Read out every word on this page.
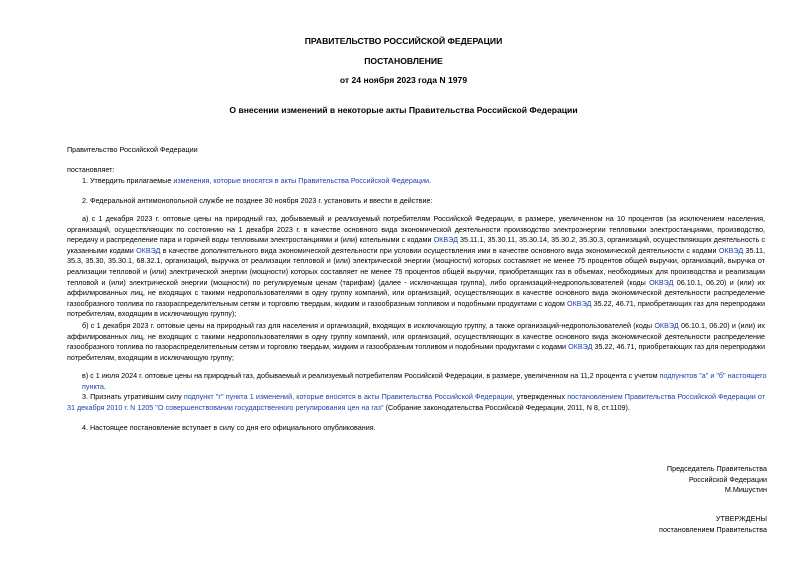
ПРАВИТЕЛЬСТВО РОССИЙСКОЙ ФЕДЕРАЦИИ
ПОСТАНОВЛЕНИЕ
от 24 ноября 2023 года N 1979
О внесении изменений в некоторые акты Правительства Российской Федерации
Правительство Российской Федерации
постановляет:
1. Утвердить прилагаемые изменения, которые вносятся в акты Правительства Российской Федерации.
2. Федеральной антимонопольной службе не позднее 30 ноября 2023 г. установить и ввести в действие:
а) с 1 декабря 2023 г. оптовые цены на природный газ, добываемый и реализуемый потребителям Российской Федерации, в размере, увеличенном на 10 процентов (за исключением населения, организаций, осуществляющих по состоянию на 1 декабря 2023 г. в качестве основного вида экономической деятельности производство электроэнергии тепловыми электростанциями, производство, передачу и распределение пара и горячей воды тепловыми электростанциями и (или) котельными с кодами ОКВЭД 35.11.1, 35.30.11, 35.30.14, 35.30.2, 35.30.3, организаций, осуществляющих деятельность с указанными кодами ОКВЭД в качестве дополнительного вида экономической деятельности при условии осуществления ими в качестве основного вида экономической деятельности с кодами ОКВЭД 35.11, 35.3, 35.30, 35.30.1, 68.32.1, организаций, выручка от реализации тепловой и (или) электрической энергии (мощности) которых составляет не менее 75 процентов общей выручки, организаций, выручка от реализации тепловой и (или) электрической энергии (мощности) которых составляет не менее 75 процентов общей выручки, приобретающих газ в объемах, необходимых для производства и реализации тепловой и (или) электрической энергии (мощности) по регулируемым ценам (тарифам) (далее - исключающая группа), либо организаций-недропользователей (коды ОКВЭД 06.10.1, 06.20) и (или) их аффилированных лиц, не входящих с такими недропользователями в одну группу компаний, или организаций, осуществляющих в качестве основного вида экономической деятельности распределение газообразного топлива по газораспределительным сетям и торговлю твердым, жидким и газообразным топливом и подобными продуктами с кодом ОКВЭД 35.22, 46.71, приобретающих газ для перепродажи потребителям, входящим в исключающую группу);
б) с 1 декабря 2023 г. оптовые цены на природный газ для населения и организаций, входящих в исключающую группу, а также организаций-недропользователей (коды ОКВЭД 06.10.1, 06.20) и (или) их аффилированных лиц, не входящих с такими недропользователями в одну группу компаний, или организаций, осуществляющих в качестве основного вида экономической деятельности распределение газообразного топлива по газораспределительным сетям и торговлю твердым, жидким и газообразным топливом и подобными продуктами с кодами ОКВЭД 35.22, 46.71, приобретающих газ для перепродажи потребителям, входящим в исключающую группу;
в) с 1 июля 2024 г. оптовые цены на природный газ, добываемый и реализуемый потребителям Российской Федерации, в размере, увеличенном на 11,2 процента с учетом подпунктов "а" и "б" настоящего пункта.
3. Признать утратившим силу подпункт "г" пункта 1 изменений, которые вносятся в акты Правительства Российской Федерации, утвержденных постановлением Правительства Российской Федерации от 31 декабря 2010 г. N 1205 "О совершенствовании государственного регулирования цен на газ" (Собрание законодательства Российской Федерации, 2011, N 8, ст.1109).
4. Настоящее постановление вступает в силу со дня его официального опубликования.
Председатель Правительства
Российской Федерации
М.Мишустин
УТВЕРЖДЕНЫ
постановлением Правительства
